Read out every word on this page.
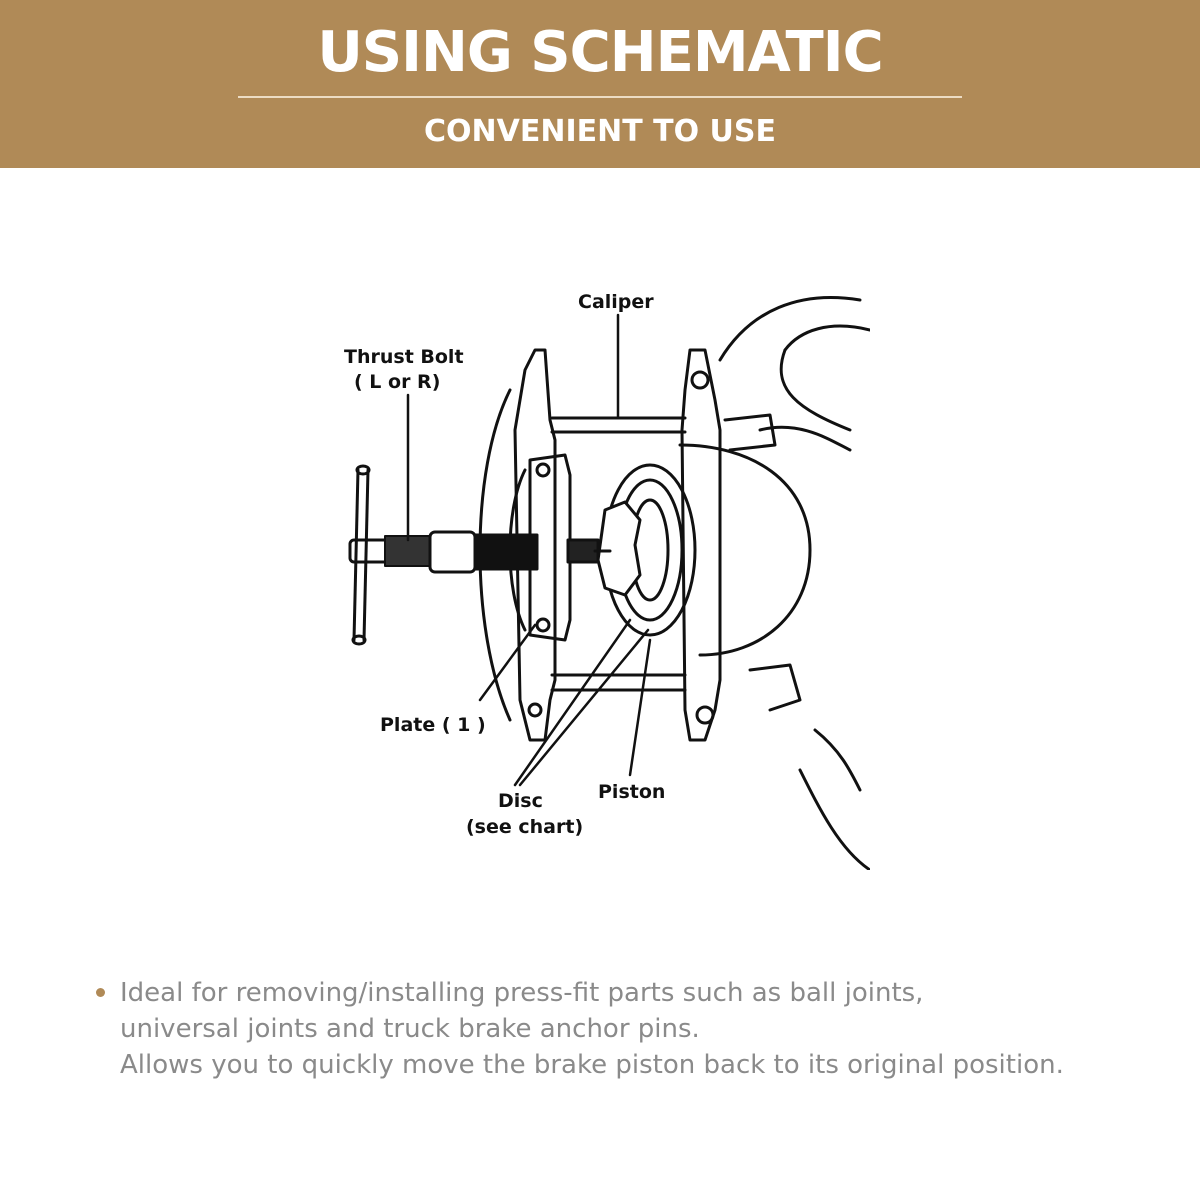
USING SCHEMATIC
CONVENIENT TO USE
Caliper
Thrust Bolt
( L or R)
Plate ( 1 )
Disc
(see chart)
Piston
Ideal for removing/installing press-fit parts such as ball joints,
universal joints and truck brake anchor pins.
Allows you to quickly move the brake piston back to its original position.
